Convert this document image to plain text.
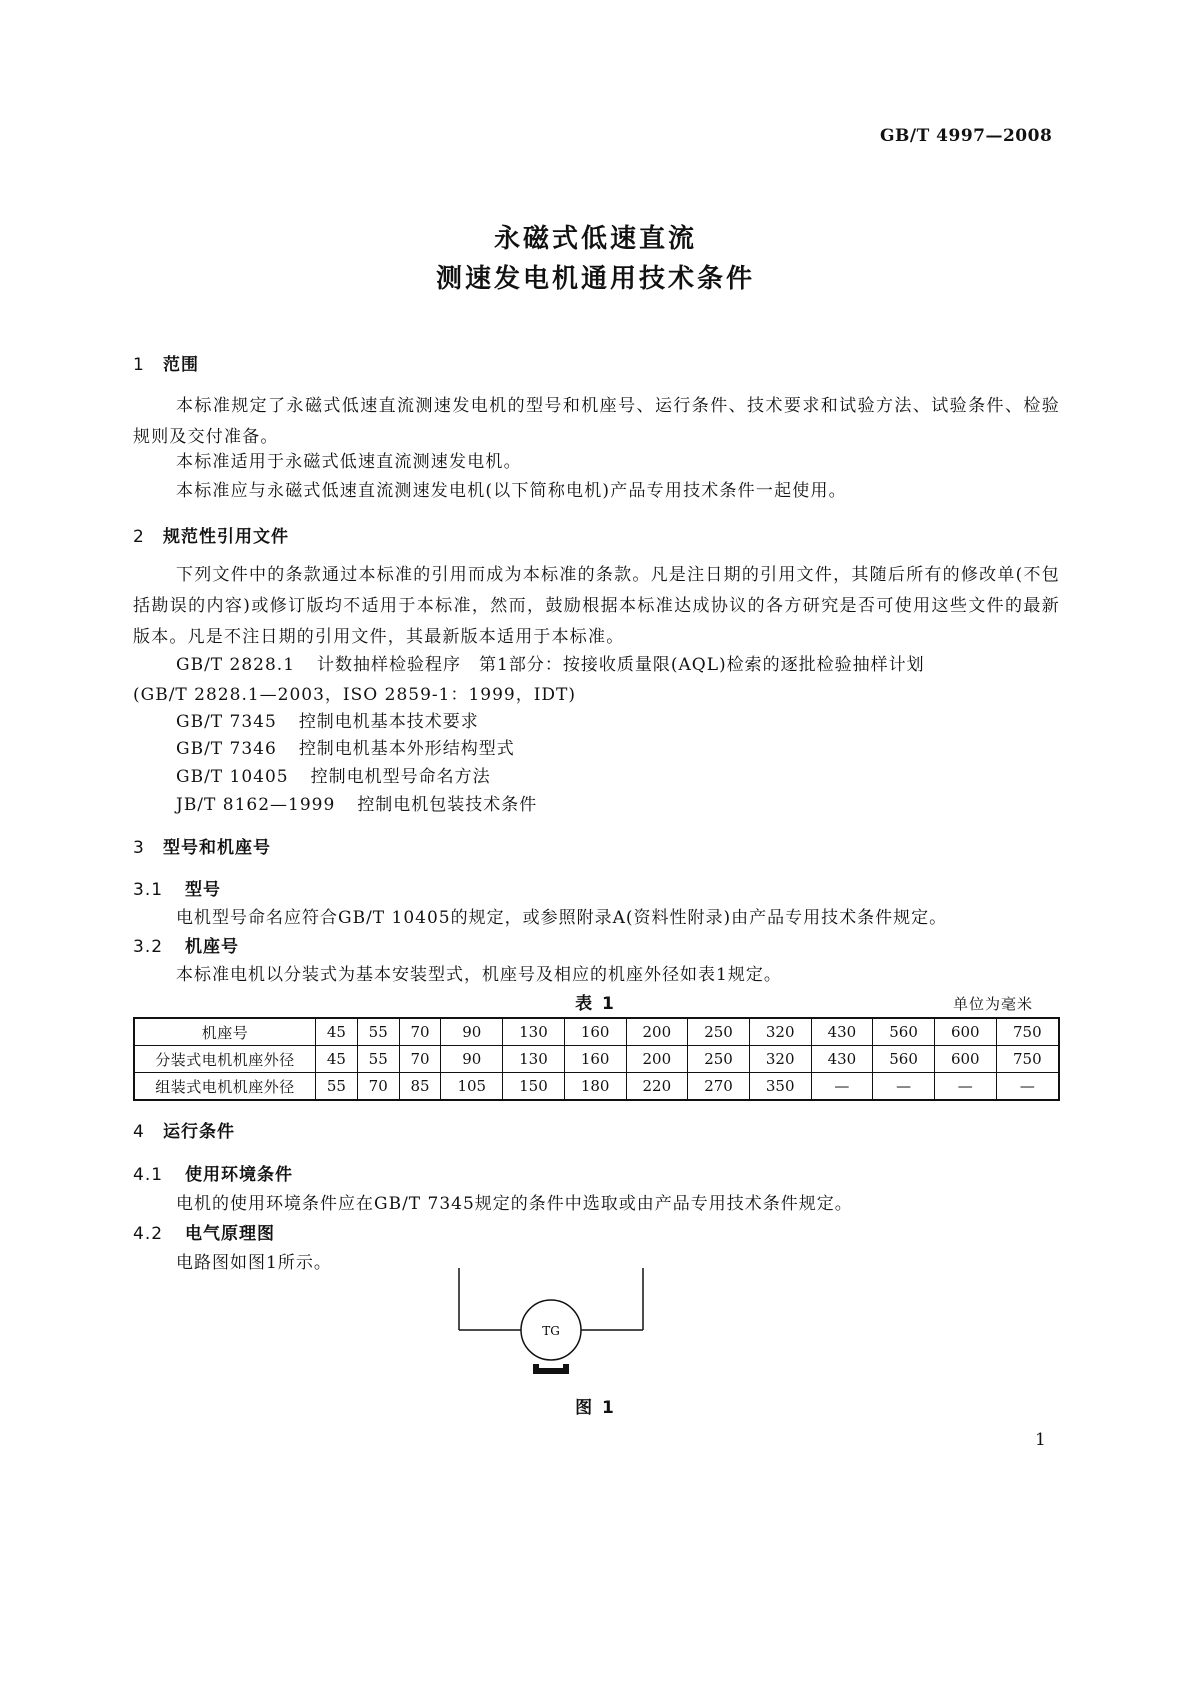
GB/T 4997—2008
永磁式低速直流
测速发电机通用技术条件
1 范围
本标准规定了永磁式低速直流测速发电机的型号和机座号、运行条件、技术要求和试验方法、试验条件、检验规则及交付准备。
本标准适用于永磁式低速直流测速发电机。
本标准应与永磁式低速直流测速发电机(以下简称电机)产品专用技术条件一起使用。
2 规范性引用文件
下列文件中的条款通过本标准的引用而成为本标准的条款。凡是注日期的引用文件，其随后所有的修改单(不包括勘误的内容)或修订版均不适用于本标准，然而，鼓励根据本标准达成协议的各方研究是否可使用这些文件的最新版本。凡是不注日期的引用文件，其最新版本适用于本标准。
GB/T 2828.1 计数抽样检验程序　第1部分：按接收质量限(AQL)检索的逐批检验抽样计划
(GB/T 2828.1—2003，ISO 2859-1：1999，IDT)
GB/T 7345 控制电机基本技术要求
GB/T 7346 控制电机基本外形结构型式
GB/T 10405 控制电机型号命名方法
JB/T 8162—1999 控制电机包装技术条件
3 型号和机座号
3.1 型号
电机型号命名应符合GB/T 10405的规定，或参照附录A(资料性附录)由产品专用技术条件规定。
3.2 机座号
本标准电机以分装式为基本安装型式，机座号及相应的机座外径如表1规定。
表 1	单位为毫米
机座号	45	55	70	90	130	160	200	250	320	430	560	600	750
分装式电机机座外径	45	55	70	90	130	160	200	250	320	430	560	600	750
组装式电机机座外径	55	70	85	105	150	180	220	270	350	—	—	—	—
4 运行条件
4.1 使用环境条件
电机的使用环境条件应在GB/T 7345规定的条件中选取或由产品专用技术条件规定。
4.2 电气原理图
电路图如图1所示。
TG
图 1
1
